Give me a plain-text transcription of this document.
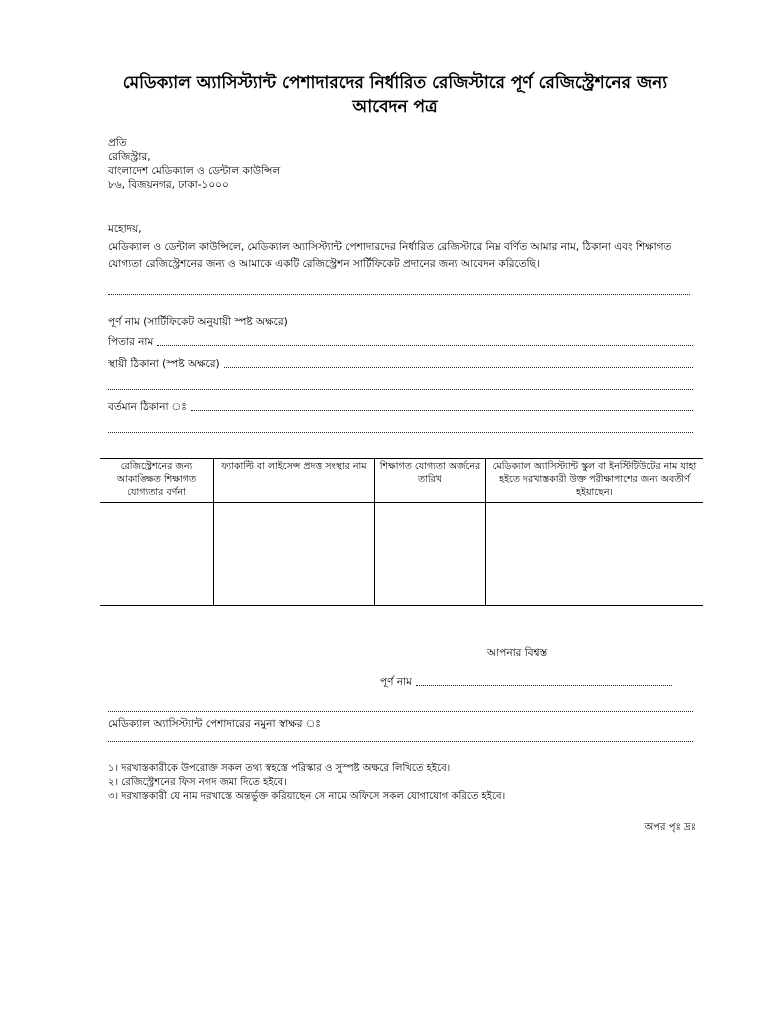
মেডিক্যাল অ্যাসিস্ট্যান্ট পেশাদারদের নির্ধারিত রেজিস্টারে পূর্ণ রেজিস্ট্রেশনের জন্য
আবেদন পত্র
প্রতি
রেজিস্ট্রার,
বাংলাদেশ মেডিক্যাল ও ডেন্টাল কাউন্সিল
৮৬, বিজয়নগর, ঢাকা-১০০০
মহোদয়,
মেডিক্যাল ও ডেন্টাল কাউন্সিলে, মেডিক্যাল অ্যাসিস্ট্যান্ট পেশাদারদের নির্ধারিত রেজিস্টারে নিম্ন বর্ণিত আমার নাম, ঠিকানা এবং শিক্ষাগত যোগ্যতা রেজিস্ট্রেশনের জন্য ও আমাকে একটি রেজিস্ট্রেশন সার্টিফিকেট প্রদানের জন্য আবেদন করিতেছি।
পূর্ণ নাম (সার্টিফিকেট অনুযায়ী স্পষ্ট অক্ষরে)
পিতার নাম
স্থায়ী ঠিকানা (স্পষ্ট অক্ষরে)
বর্তমান ঠিকানা ঃ
রেজিস্ট্রেশনের জন্য আকাঙ্ক্ষিত শিক্ষাগত যোগ্যতার বর্ণনা	ফ্যাকাল্টি বা লাইসেন্স প্রদত্ত সংস্থার নাম	শিক্ষাগত যোগ্যতা অর্জনের তারিখ	মেডিক্যাল অ্যাসিস্ট্যান্ট স্কুল বা ইনস্টিটিউটের নাম যাহা হইতে দরখাস্তকারী উক্ত পরীক্ষাপাশের জন্য অবতীর্ণ হইয়াছেন।

আপনার বিশ্বস্ত
পূর্ণ নাম
মেডিক্যাল অ্যাসিস্ট্যান্ট পেশাদারের নমুনা স্বাক্ষর ঃ
১। দরখাস্তকারীকে উপরোক্ত সকল তথ্য স্বহস্তে পরিস্কার ও সুস্পষ্ট অক্ষরে লিখিতে হইবে।
২। রেজিস্ট্রেশনের ফিস নগদ জমা দিতে হইবে।
৩। দরখাস্তকারী যে নাম দরখাস্তে অন্তর্ভুক্ত করিয়াছেন সে নামে অফিসে সকল যোগাযোগ করিতে হইবে।
অপর পৃঃ দ্রঃ
